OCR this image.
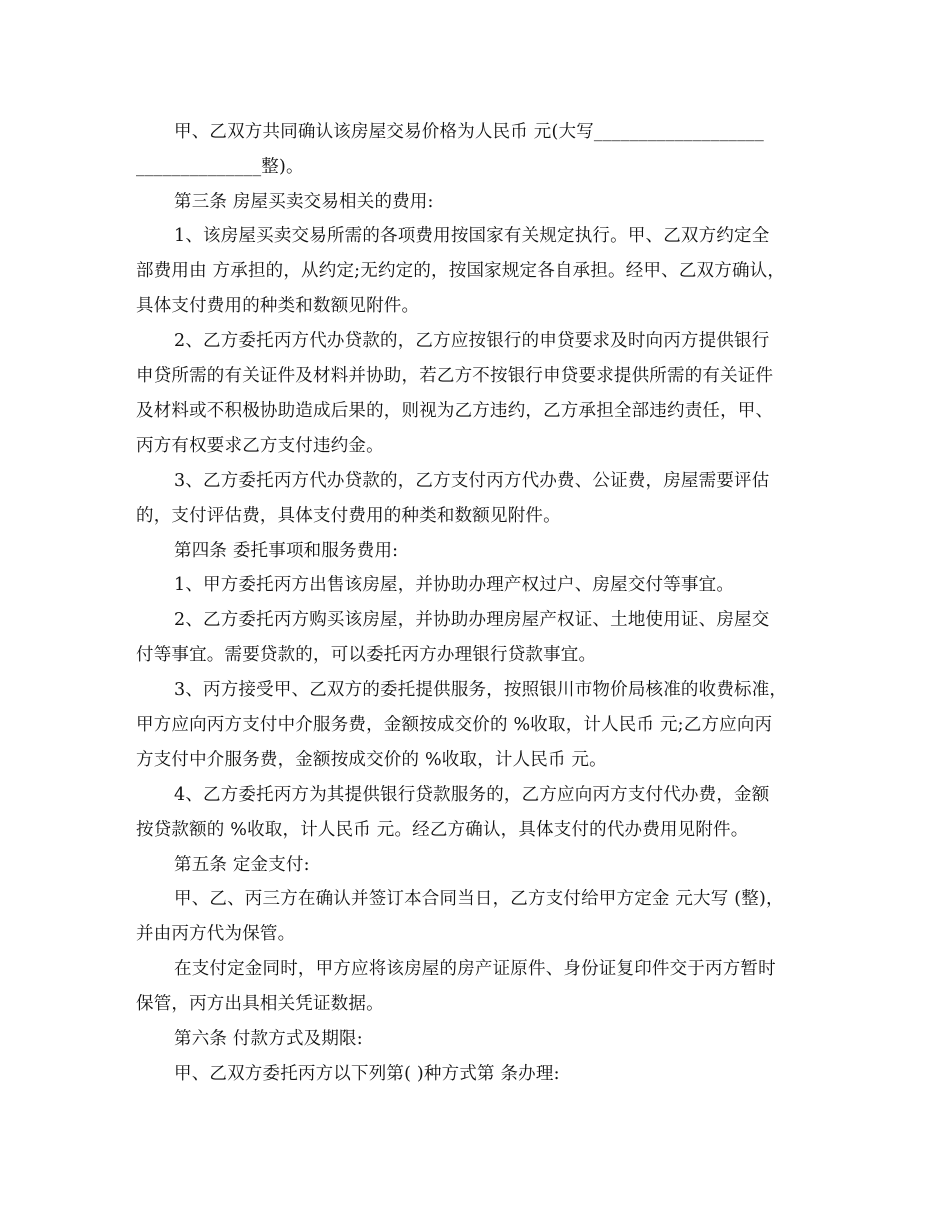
甲、乙双方共同确认该房屋交易价格为人民币 元(大写___________________
______________整)。
第三条 房屋买卖交易相关的费用:
1、该房屋买卖交易所需的各项费用按国家有关规定执行。甲、乙双方约定全
部费用由 方承担的，从约定;无约定的，按国家规定各自承担。经甲、乙双方确认，
具体支付费用的种类和数额见附件。
2、乙方委托丙方代办贷款的，乙方应按银行的申贷要求及时向丙方提供银行
申贷所需的有关证件及材料并协助，若乙方不按银行申贷要求提供所需的有关证件
及材料或不积极协助造成后果的，则视为乙方违约，乙方承担全部违约责任，甲、
丙方有权要求乙方支付违约金。
3、乙方委托丙方代办贷款的，乙方支付丙方代办费、公证费，房屋需要评估
的，支付评估费，具体支付费用的种类和数额见附件。
第四条 委托事项和服务费用:
1、甲方委托丙方出售该房屋，并协助办理产权过户、房屋交付等事宜。
2、乙方委托丙方购买该房屋，并协助办理房屋产权证、土地使用证、房屋交
付等事宜。需要贷款的，可以委托丙方办理银行贷款事宜。
3、丙方接受甲、乙双方的委托提供服务，按照银川市物价局核准的收费标准，
甲方应向丙方支付中介服务费，金额按成交价的 %收取，计人民币 元;乙方应向丙
方支付中介服务费，金额按成交价的 %收取，计人民币 元。
4、乙方委托丙方为其提供银行贷款服务的，乙方应向丙方支付代办费，金额
按贷款额的 %收取，计人民币 元。经乙方确认，具体支付的代办费用见附件。
第五条 定金支付:
甲、乙、丙三方在确认并签订本合同当日，乙方支付给甲方定金 元大写 (整)，
并由丙方代为保管。
在支付定金同时，甲方应将该房屋的房产证原件、身份证复印件交于丙方暂时
保管，丙方出具相关凭证数据。
第六条 付款方式及期限:
甲、乙双方委托丙方以下列第( )种方式第 条办理:
